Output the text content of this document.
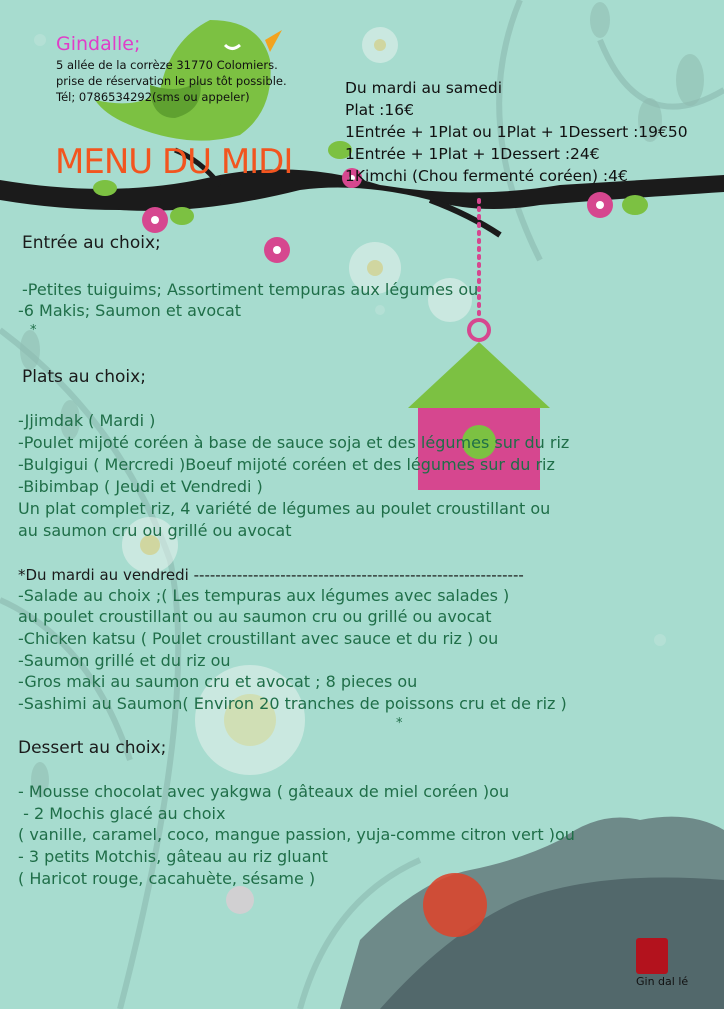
Gindalle;
5 allée de la corrèze 31770 Colomiers.
prise de réservation le plus tôt possible.
Tél; 0786534292(sms ou appeler)
MENU DU MIDI
Du mardi au samedi
Plat :16€
1Entrée + 1Plat ou 1Plat + 1Dessert :19€50
1Entrée + 1Plat + 1Dessert :24€
1Kimchi (Chou fermenté coréen) :4€
Entrée au choix;
-Petites tuiguims; Assortiment tempuras aux légumes ou
-6 Makis; Saumon et avocat
*
Plats au choix;
-Jjimdak ( Mardi )
-Poulet mijoté coréen à base de sauce soja et des légumes sur du riz
-Bulgigui ( Mercredi )Boeuf mijoté coréen et des légumes sur du riz
-Bibimbap ( Jeudi et Vendredi )
Un plat complet riz, 4 variété de légumes au poulet croustillant ou
au saumon cru ou grillé ou avocat
*Du mardi au vendredi -------------------------------------------------------------
-Salade au choix ;( Les tempuras aux légumes avec salades )
au poulet croustillant ou au saumon cru ou grillé ou avocat
-Chicken katsu ( Poulet croustillant avec sauce et du riz ) ou
-Saumon grillé et du riz ou
-Gros maki au saumon cru et avocat ; 8 pieces ou
-Sashimi au Saumon( Environ 20 tranches de poissons cru et de riz )
*
Dessert au choix;
- Mousse chocolat avec yakgwa ( gâteaux de miel coréen )ou
- 2 Mochis glacé au choix
( vanille, caramel, coco, mangue passion, yuja-comme citron vert )ou
- 3 petits Motchis, gâteau au riz gluant
( Haricot rouge, cacahuète, sésame )
Gin dal lé
